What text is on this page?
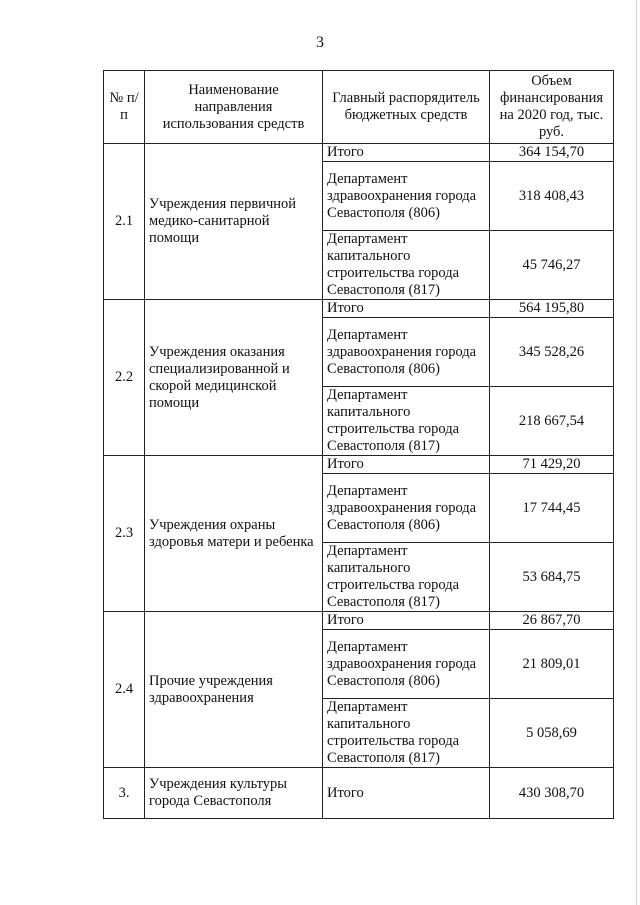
3
№ п/п	Наименование направления использования средств	Главный распорядитель бюджетных средств	Объем финансирования на 2020 год, тыс. руб.
2.1	Учреждения первичной медико-санитарной помощи	Итого	364 154,70
		Департамент здравоохранения города Севастополя (806)	318 408,43
		Департамент капитального строительства города Севастополя (817)	45 746,27
2.2	Учреждения оказания специализированной и скорой медицинской помощи	Итого	564 195,80
		Департамент здравоохранения города Севастополя (806)	345 528,26
		Департамент капитального строительства города Севастополя (817)	218 667,54
2.3	Учреждения охраны здоровья матери и ребенка	Итого	71 429,20
		Департамент здравоохранения города Севастополя (806)	17 744,45
		Департамент капитального строительства города Севастополя (817)	53 684,75
2.4	Прочие учреждения здравоохранения	Итого	26 867,70
		Департамент здравоохранения города Севастополя (806)	21 809,01
		Департамент капитального строительства города Севастополя (817)	5 058,69
3.	Учреждения культуры города Севастополя	Итого	430 308,70
